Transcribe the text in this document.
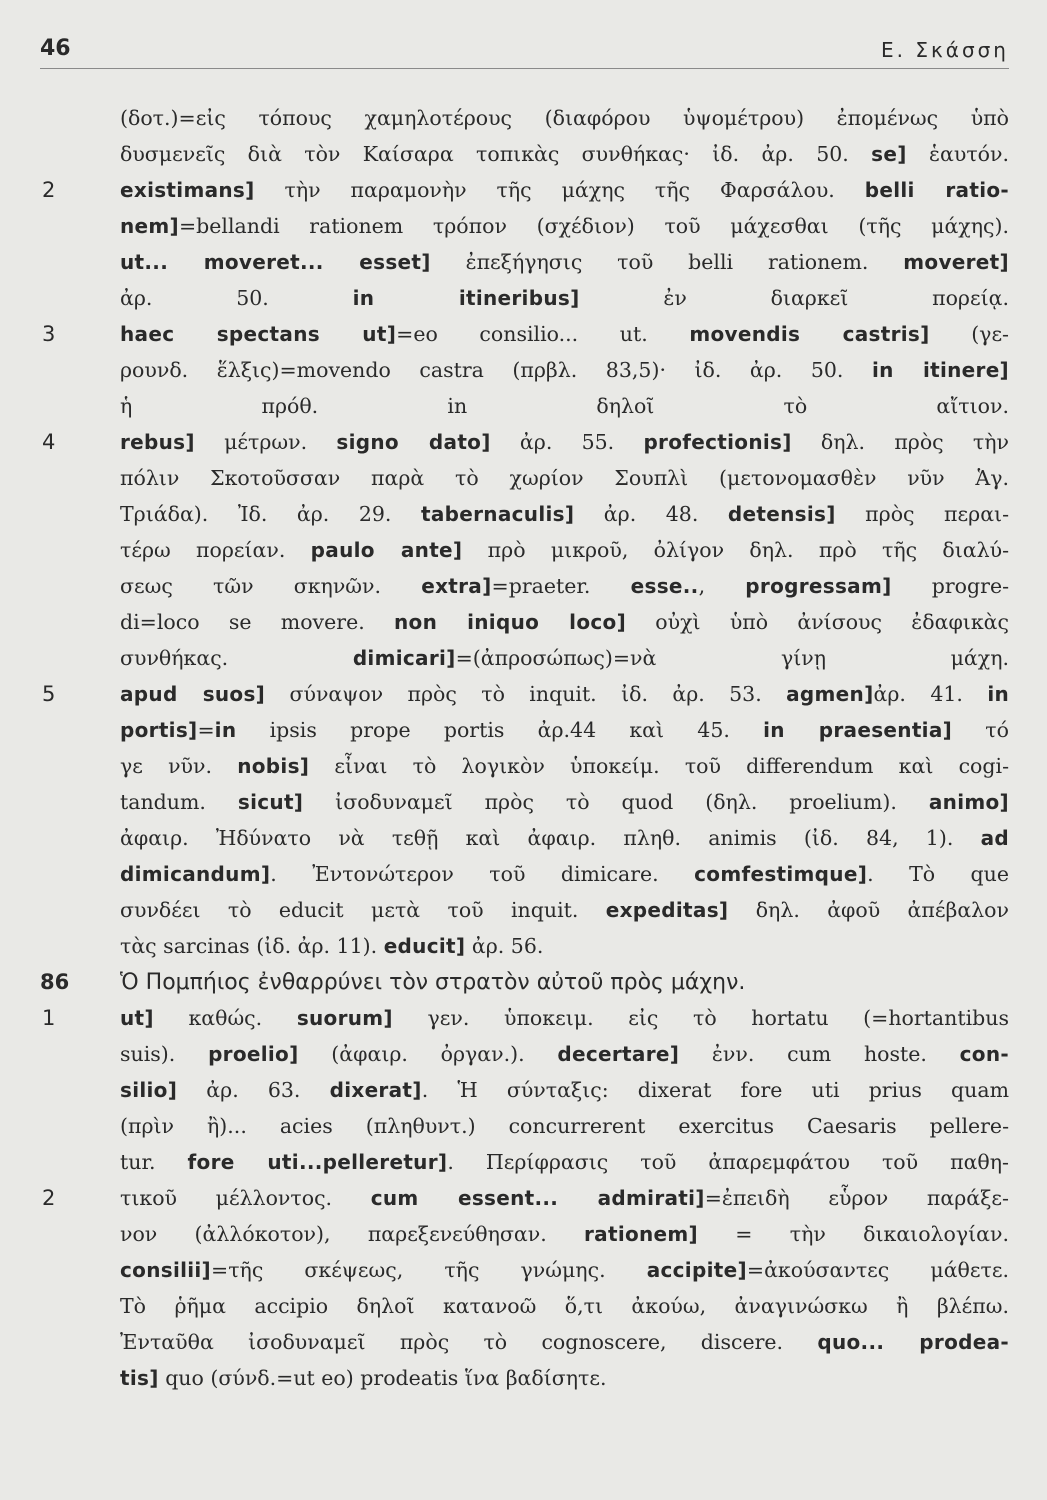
46	Ε. Σκάσση
(δοτ.)=εἰς τόπους χαμηλοτέρους (διαφόρου ὑψομέτρου) ἐπομένως ὑπὸ
δυσμενεῖς διὰ τὸν Καίσαρα τοπικὰς συνθήκας· ἰδ. ἀρ. 50. se] ἑαυτόν.
2	existimans] τὴν παραμονὴν τῆς μάχης τῆς Φαρσάλου. belli ratio-
nem]=bellandi rationem τρόπον (σχέδιον) τοῦ μάχεσθαι (τῆς μάχης).
ut... moveret... esset] ἐπεξήγησις τοῦ belli rationem. moveret]
ἀρ. 50. in itineribus] ἐν διαρκεῖ πορείᾳ.
3	haec spectans ut]=eo consilio... ut. movendis castris] (γε-
ρουνδ. ἕλξις)=movendo castra (πρβλ. 83,5)· ἰδ. ἀρ. 50. in itinere]
ἡ πρόθ. in δηλοῖ τὸ αἴτιον.
4	rebus] μέτρων. signo dato] ἀρ. 55. profectionis] δηλ. πρὸς τὴν
πόλιν Σκοτοῦσσαν παρὰ τὸ χωρίον Σουπλὶ (μετονομασθὲν νῦν Ἁγ.
Τριάδα). Ἰδ. ἀρ. 29. tabernaculis] ἀρ. 48. detensis] πρὸς περαι-
τέρω πορείαν. paulo ante] πρὸ μικροῦ, ὀλίγον δηλ. πρὸ τῆς διαλύ-
σεως τῶν σκηνῶν. extra]=praeter. esse.., progressam] progre-
di=loco se movere. non iniquo loco] οὐχὶ ὑπὸ ἀνίσους ἐδαφικὰς
συνθήκας. dimicari]=(ἀπροσώπως)=νὰ γίνῃ μάχη.
5	apud suos] σύναψον πρὸς τὸ inquit. ἰδ. ἀρ. 53. agmen]ἀρ. 41. in
portis]=in ipsis prope portis ἀρ.44 καὶ 45. in praesentia] τό
γε νῦν. nobis] εἶναι τὸ λογικὸν ὑποκείμ. τοῦ differendum καὶ cogi-
tandum. sicut] ἰσοδυναμεῖ πρὸς τὸ quod (δηλ. proelium). animo]
ἀφαιρ. Ἠδύνατο νὰ τεθῇ καὶ ἀφαιρ. πληθ. animis (ἰδ. 84, 1). ad
dimicandum]. Ἐντονώτερον τοῦ dimicare. comfestimque]. Τὸ que
συνδέει τὸ educit μετὰ τοῦ inquit. expeditas] δηλ. ἀφοῦ ἀπέβαλον
τὰς sarcinas (ἰδ. ἀρ. 11). educit] ἀρ. 56.
86 Ὁ Πομπήιος ἐνθαρρύνει τὸν στρατὸν αὐτοῦ πρὸς μάχην.
1	ut] καθώς. suorum] γεν. ὑποκειμ. εἰς τὸ hortatu (=hortantibus
suis). proelio] (ἀφαιρ. ὀργαν.). decertare] ἐνν. cum hoste. con-
silio] ἀρ. 63. dixerat]. Ἡ σύνταξις: dixerat fore uti prius quam
(πρὶν ἢ)... acies (πληθυντ.) concurrerent exercitus Caesaris pellere-
tur. fore uti...pelleretur]. Περίφρασις τοῦ ἀπαρεμφάτου τοῦ παθη-
2	τικοῦ μέλλοντος. cum essent... admirati]=ἐπειδὴ εὗρον παράξε-
νον (ἀλλόκοτον), παρεξενεύθησαν. rationem] = τὴν δικαιολογίαν.
consilii]=τῆς σκέψεως, τῆς γνώμης. accipite]=ἀκούσαντες μάθετε.
Τὸ ῥῆμα accipio δηλοῖ κατανοῶ ὅ,τι ἀκούω, ἀναγινώσκω ἢ βλέπω.
Ἐνταῦθα ἰσοδυναμεῖ πρὸς τὸ cognoscere, discere. quo... prodea-
tis] quo (σύνδ.=ut eo) prodeatis ἵνα βαδίσητε.
